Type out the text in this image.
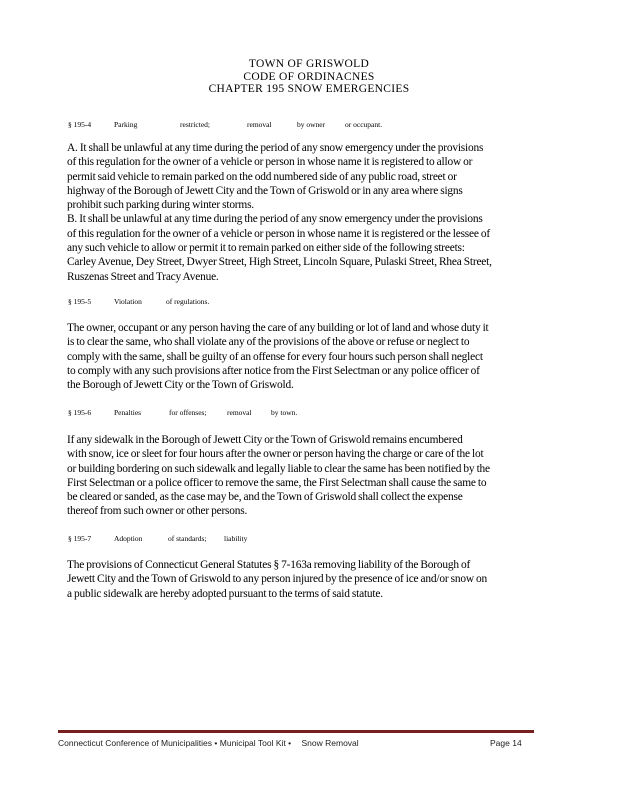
TOWN OF GRISWOLD
CODE OF ORDINACNES
CHAPTER 195 SNOW EMERGENCIES
§ 195-4	Parking	restricted;	removal	by owner	or occupant.
A. It shall be unlawful at any time during the period of any snow emergency under the provisions
of this regulation for the owner of a vehicle or person in whose name it is registered to allow or
permit said vehicle to remain parked on the odd numbered side of any public road, street or
highway of the Borough of Jewett City and the Town of Griswold or in any area where signs
prohibit such parking during winter storms.
B. It shall be unlawful at any time during the period of any snow emergency under the provisions
of this regulation for the owner of a vehicle or person in whose name it is registered or the lessee of
any such vehicle to allow or permit it to remain parked on either side of the following streets:
Carley Avenue, Dey Street, Dwyer Street, High Street, Lincoln Square, Pulaski Street, Rhea Street,
Ruszenas Street and Tracy Avenue.
§ 195-5	Violation	of regulations.
The owner, occupant or any person having the care of any building or lot of land and whose duty it
is to clear the same, who shall violate any of the provisions of the above or refuse or neglect to
comply with the same, shall be guilty of an offense for every four hours such person shall neglect
to comply with any such provisions after notice from the First Selectman or any police officer of
the Borough of Jewett City or the Town of Griswold.
§ 195-6	Penalties	for offenses;	removal	by town.
If any sidewalk in the Borough of Jewett City or the Town of Griswold remains encumbered
with snow, ice or sleet for four hours after the owner or person having the charge or care of the lot
or building bordering on such sidewalk and legally liable to clear the same has been notified by the
First Selectman or a police officer to remove the same, the First Selectman shall cause the same to
be cleared or sanded, as the case may be, and the Town of Griswold shall collect the expense
thereof from such owner or other persons.
§ 195-7	Adoption	of standards; liability
The provisions of Connecticut General Statutes § 7-163a removing liability of the Borough of
Jewett City and the Town of Griswold to any person injured by the presence of ice and/or snow on
a public sidewalk are hereby adopted pursuant to the terms of said statute.
Connecticut Conference of Municipalities • Municipal Tool Kit • Snow Removal	Page 14
